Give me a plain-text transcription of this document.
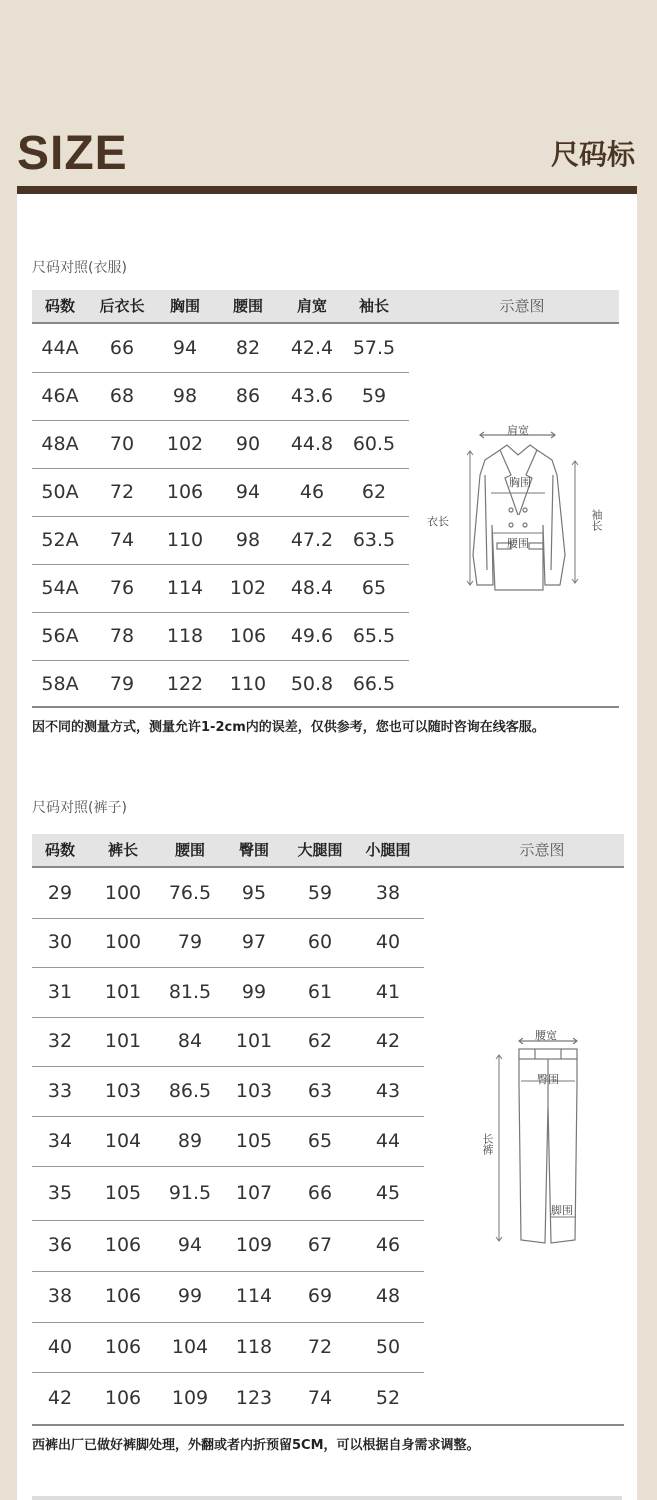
SIZE	尺码标
尺码对照(衣服)
码数	后衣长	胸围	腰围	肩宽	袖长	示意图
44A	66	94	82	42.4	57.5
46A	68	98	86	43.6	59
48A	70	102	90	44.8	60.5
50A	72	106	94	46	62
52A	74	110	98	47.2	63.5
54A	76	114	102	48.4	65
56A	78	118	106	49.6	65.5
58A	79	122	110	50.8	66.5
因不同的测量方式，测量允许1-2cm内的误差，仅供参考，您也可以随时咨询在线客服。
肩宽
胸围
腰围
衣长	袖长
尺码对照(裤子)
码数	裤长	腰围	臀围	大腿围	小腿围	示意图
29	100	76.5	95	59	38
30	100	79	97	60	40
31	101	81.5	99	61	41
32	101	84	101	62	42
33	103	86.5	103	63	43
34	104	89	105	65	44
35	105	91.5	107	66	45
36	106	94	109	67	46
38	106	99	114	69	48
40	106	104	118	72	50
42	106	109	123	74	52
西裤出厂已做好裤脚处理，外翻或者内折预留5CM，可以根据自身需求调整。
腰宽
臀围
长裤
脚围
